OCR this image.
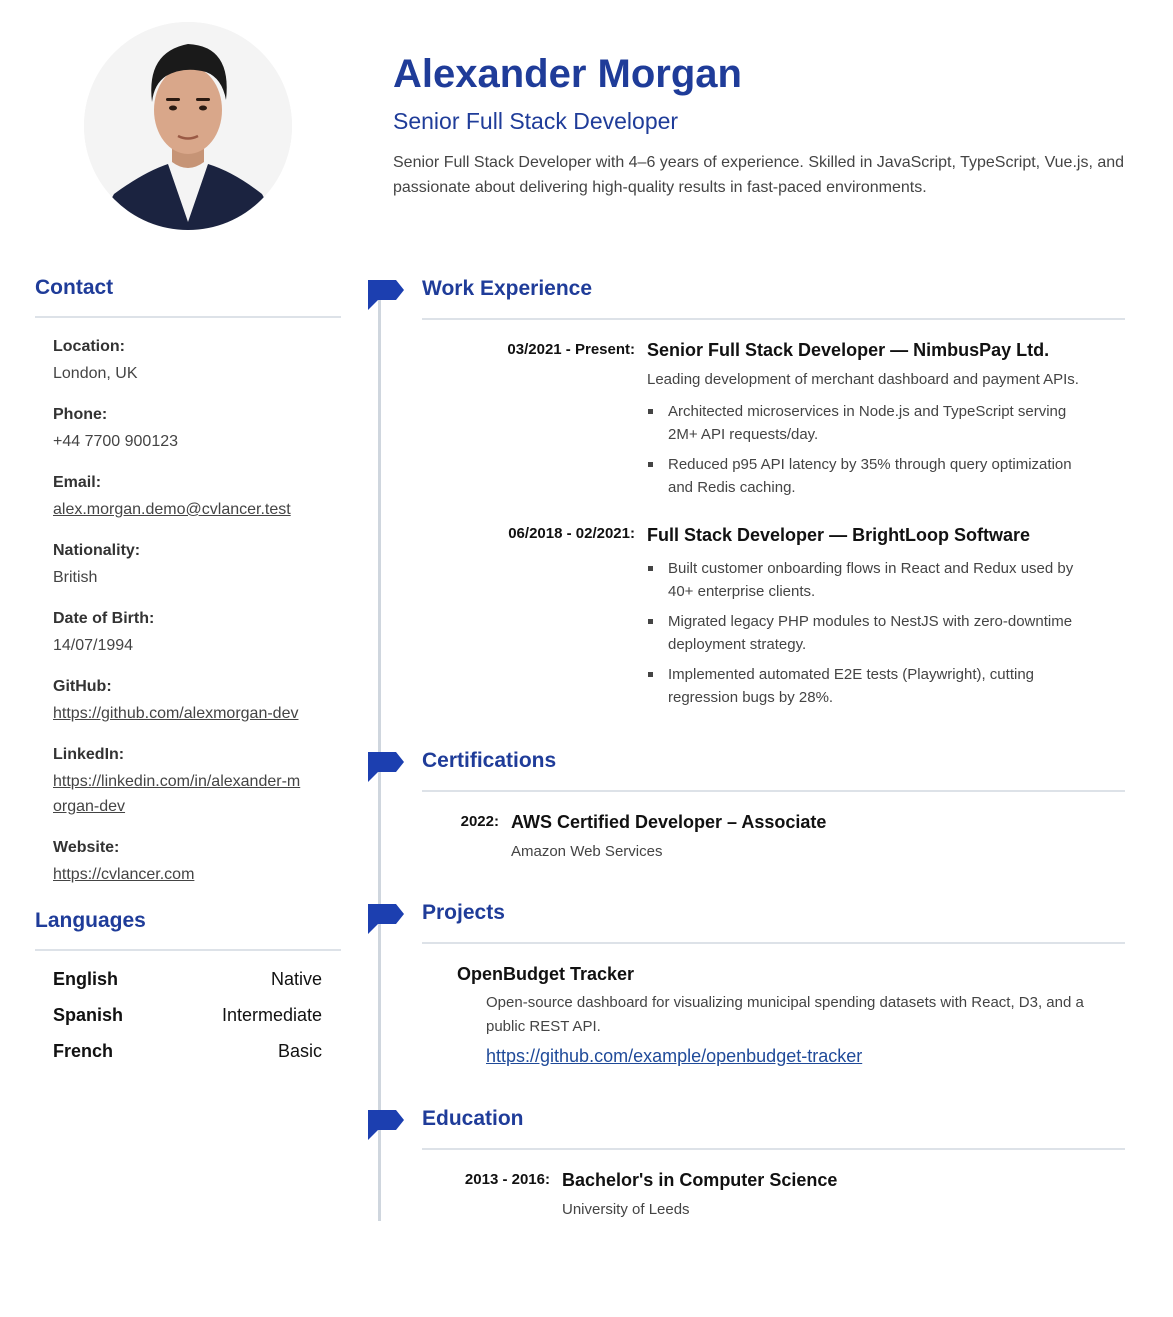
Alexander Morgan
Senior Full Stack Developer
Senior Full Stack Developer with 4–6 years of experience. Skilled in JavaScript, TypeScript, Vue.js, and passionate about delivering high-quality results in fast-paced environments.
Contact
Location:
London, UK
Phone:
+44 7700 900123
Email:
alex.morgan.demo@cvlancer.test
Nationality:
British
Date of Birth:
14/07/1994
GitHub:
https://github.com/alexmorgan-dev
LinkedIn:
https://linkedin.com/in/alexander-morgan-dev
Website:
https://cvlancer.com
Languages
English	Native
Spanish	Intermediate
French	Basic
Work Experience
03/2021 - Present: Senior Full Stack Developer — NimbusPay Ltd.
Leading development of merchant dashboard and payment APIs.
Architected microservices in Node.js and TypeScript serving 2M+ API requests/day.
Reduced p95 API latency by 35% through query optimization and Redis caching.
06/2018 - 02/2021: Full Stack Developer — BrightLoop Software
Built customer onboarding flows in React and Redux used by 40+ enterprise clients.
Migrated legacy PHP modules to NestJS with zero-downtime deployment strategy.
Implemented automated E2E tests (Playwright), cutting regression bugs by 28%.
Certifications
2022: AWS Certified Developer – Associate
Amazon Web Services
Projects
OpenBudget Tracker
Open-source dashboard for visualizing municipal spending datasets with React, D3, and a public REST API.
https://github.com/example/openbudget-tracker
Education
2013 - 2016: Bachelor's in Computer Science
University of Leeds
